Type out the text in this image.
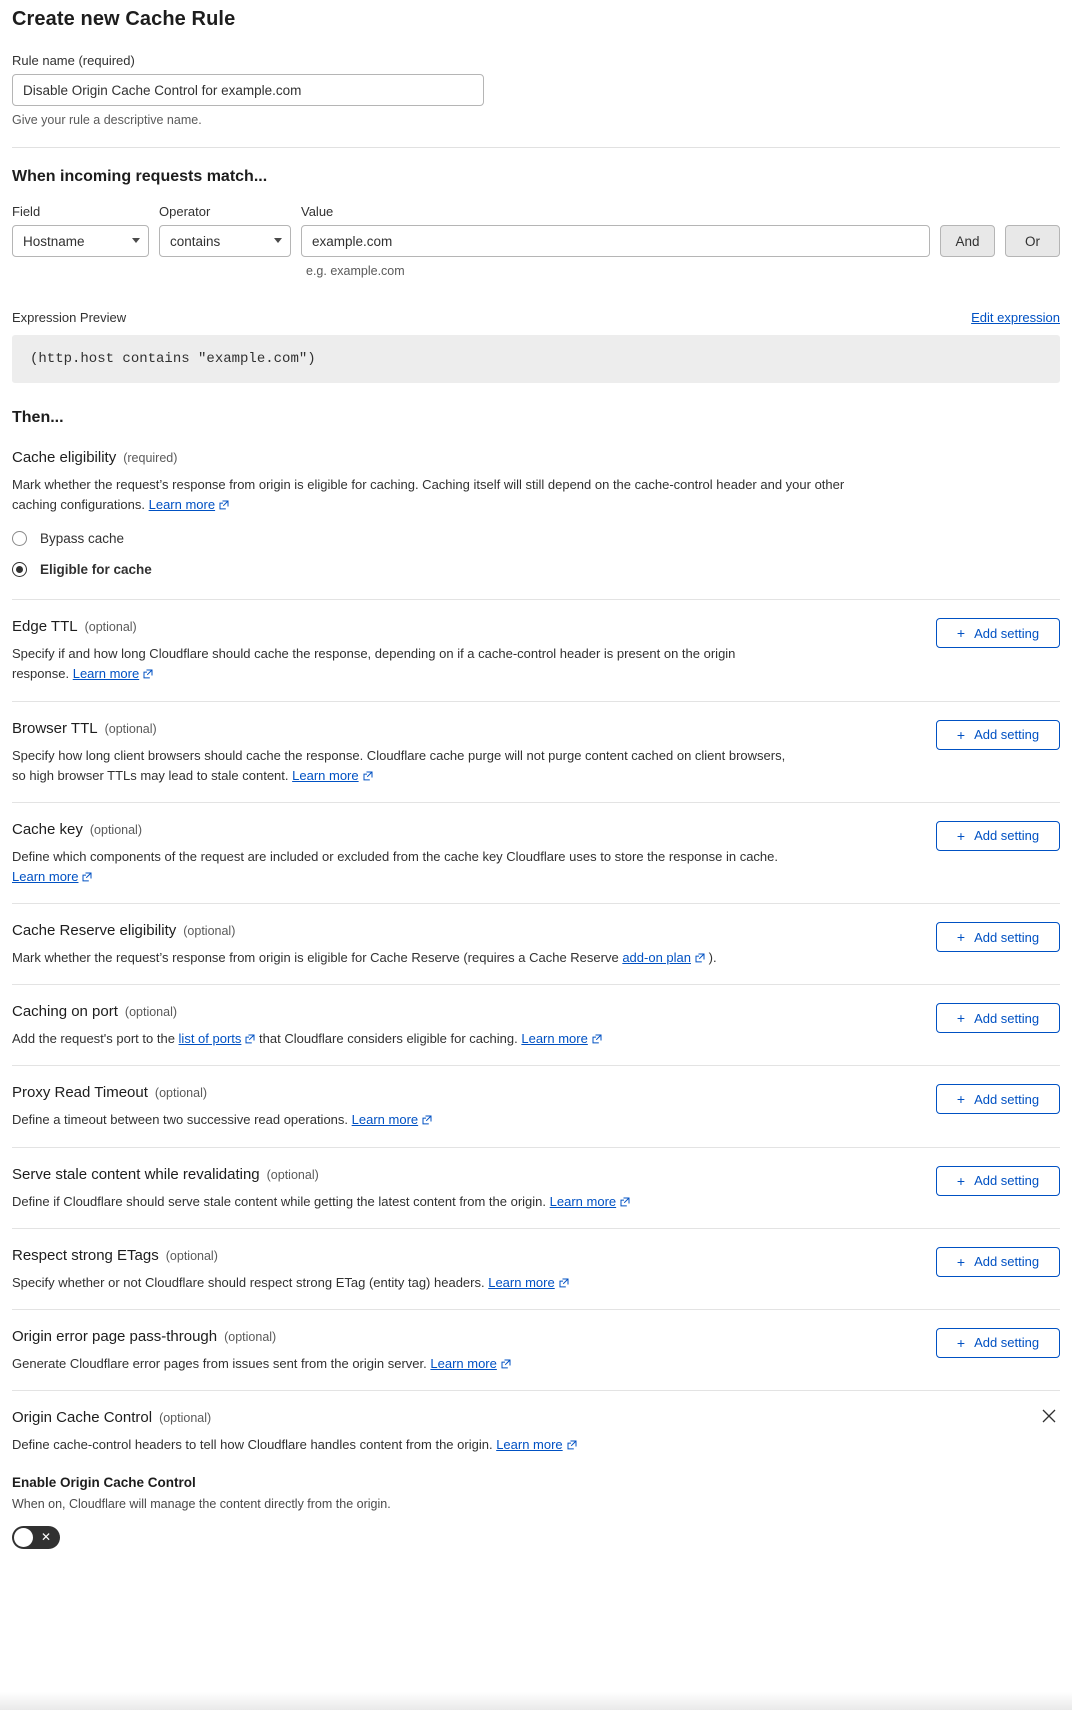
Create new Cache Rule
Rule name (required)
Disable Origin Cache Control for example.com
Give your rule a descriptive name.
When incoming requests match...
Field
Hostname
Operator
contains
Value
example.com
And	Or
e.g. example.com
Expression Preview	Edit expression
(http.host contains "example.com")
Then...
Cache eligibility (required)
Mark whether the request’s response from origin is eligible for caching. Caching itself will still depend on the cache-control header and your other caching configurations. Learn more
Bypass cache
Eligible for cache
Edge TTL (optional)
Specify if and how long Cloudflare should cache the response, depending on if a cache-control header is present on the origin response. Learn more
+ Add setting
Browser TTL (optional)
Specify how long client browsers should cache the response. Cloudflare cache purge will not purge content cached on client browsers, so high browser TTLs may lead to stale content. Learn more
+ Add setting
Cache key (optional)
Define which components of the request are included or excluded from the cache key Cloudflare uses to store the response in cache. Learn more
+ Add setting
Cache Reserve eligibility (optional)
Mark whether the request’s response from origin is eligible for Cache Reserve (requires a Cache Reserve add-on plan ).
+ Add setting
Caching on port (optional)
Add the request's port to the list of ports that Cloudflare considers eligible for caching. Learn more
+ Add setting
Proxy Read Timeout (optional)
Define a timeout between two successive read operations. Learn more
+ Add setting
Serve stale content while revalidating (optional)
Define if Cloudflare should serve stale content while getting the latest content from the origin. Learn more
+ Add setting
Respect strong ETags (optional)
Specify whether or not Cloudflare should respect strong ETag (entity tag) headers. Learn more
+ Add setting
Origin error page pass-through (optional)
Generate Cloudflare error pages from issues sent from the origin server. Learn more
+ Add setting
Origin Cache Control (optional)
Define cache-control headers to tell how Cloudflare handles content from the origin. Learn more
Enable Origin Cache Control
When on, Cloudflare will manage the content directly from the origin.
✕
